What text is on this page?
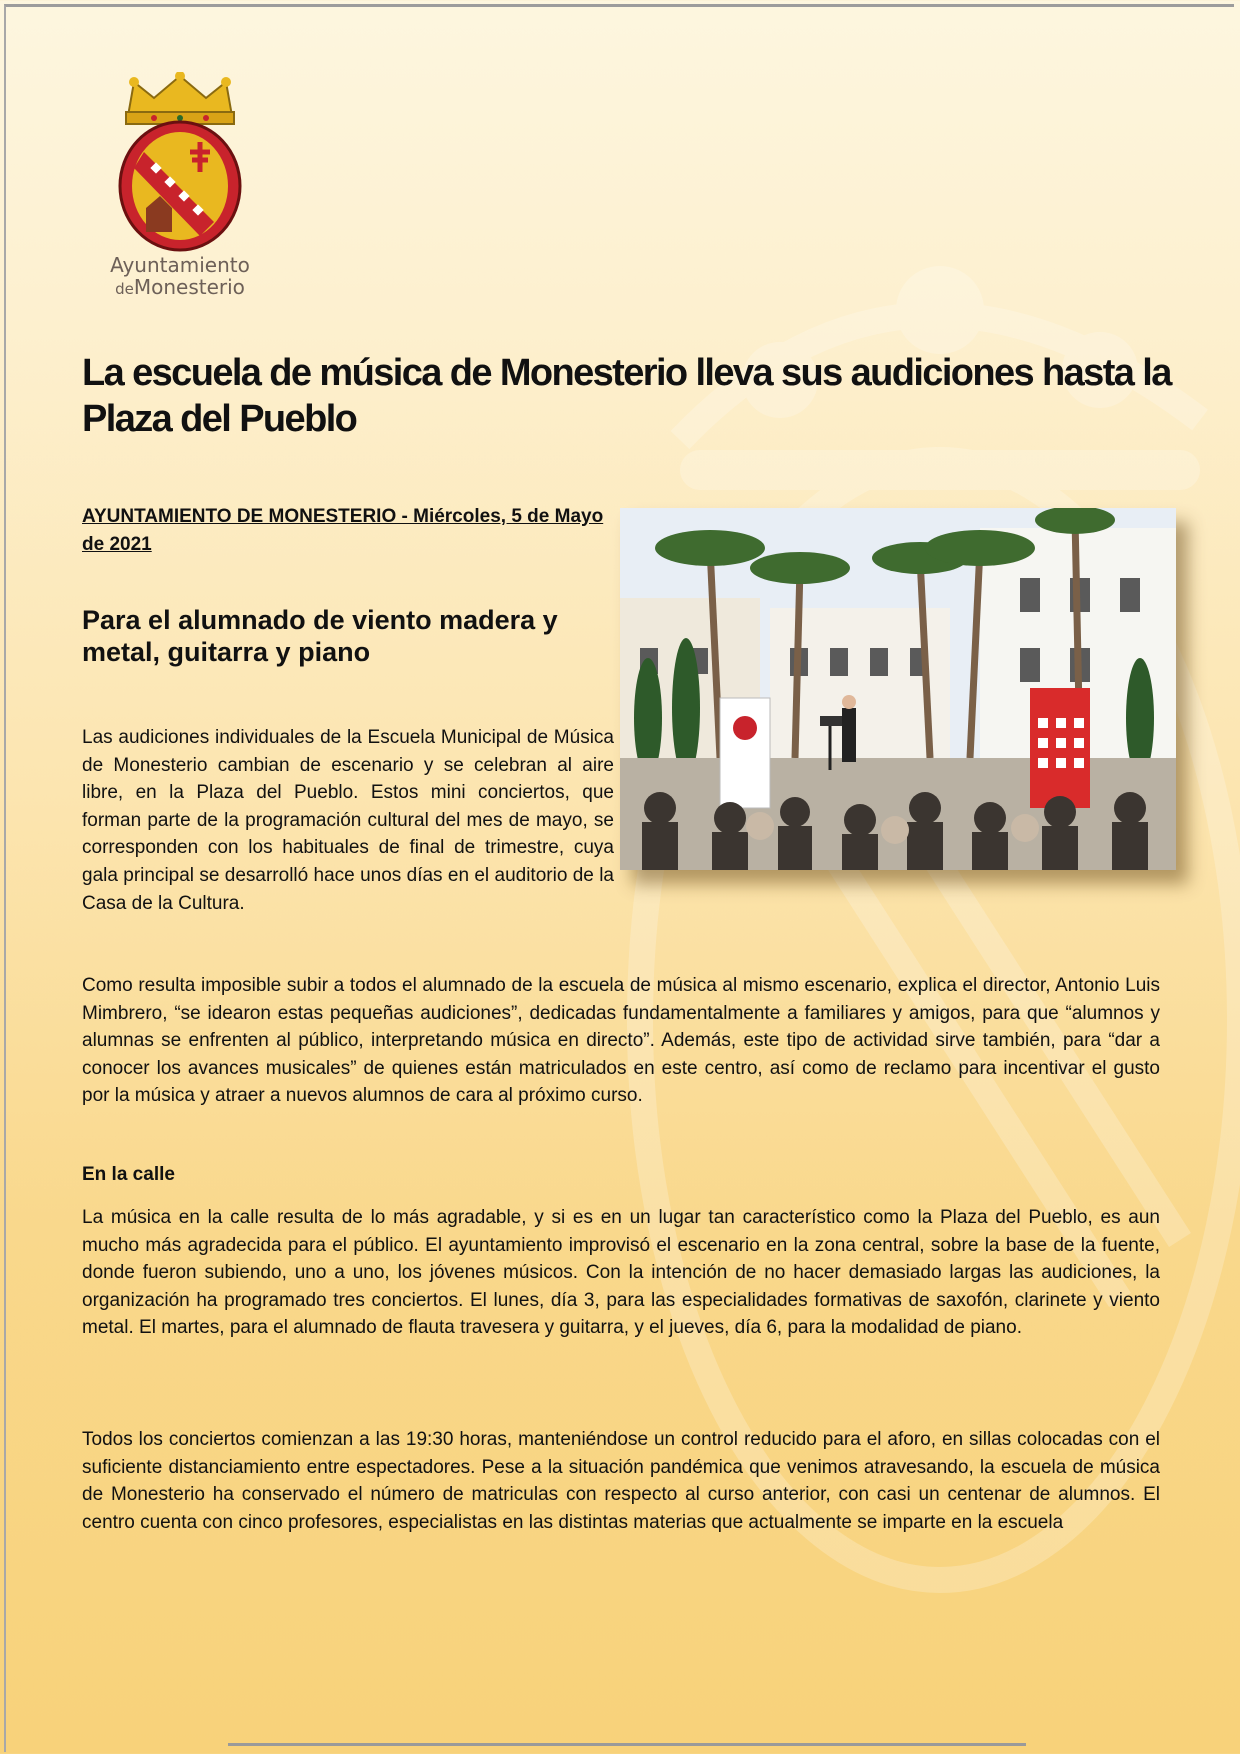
Ayuntamiento
deMonesterio
La escuela de música de Monesterio lleva sus audiciones hasta la Plaza del Pueblo

AYUNTAMIENTO DE MONESTERIO - Miércoles, 5 de Mayo de 2021

Para el alumnado de viento madera y metal, guitarra y piano

Las audiciones individuales de la Escuela Municipal de Música de Monesterio cambian de escenario y se celebran al aire libre, en la Plaza del Pueblo. Estos mini conciertos, que forman parte de la programación cultural del mes de mayo, se corresponden con los habituales de final de trimestre, cuya gala principal se desarrolló hace unos días en el auditorio de la Casa de la Cultura.

Como resulta imposible subir a todos el alumnado de la escuela de música al mismo escenario, explica el director, Antonio Luis Mimbrero, “se idearon estas pequeñas audiciones”, dedicadas fundamentalmente a familiares y amigos, para que “alumnos y alumnas se enfrenten al público, interpretando música en directo”. Además, este tipo de actividad sirve también, para “dar a conocer los avances musicales” de quienes están matriculados en este centro, así como de reclamo para incentivar el gusto por la música y atraer a nuevos alumnos de cara al próximo curso.

En la calle

La música en la calle resulta de lo más agradable, y si es en un lugar tan característico como la Plaza del Pueblo, es aun mucho más agradecida para el público. El ayuntamiento improvisó el escenario en la zona central, sobre la base de la fuente, donde fueron subiendo, uno a uno, los jóvenes músicos. Con la intención de no hacer demasiado largas las audiciones, la organización ha programado tres conciertos. El lunes, día 3, para las especialidades formativas de saxofón, clarinete y viento metal. El martes, para el alumnado de flauta travesera y guitarra, y el jueves, día 6, para la modalidad de piano.

Todos los conciertos comienzan a las 19:30 horas, manteniéndose un control reducido para el aforo, en sillas colocadas con el suficiente distanciamiento entre espectadores. Pese a la situación pandémica que venimos atravesando, la escuela de música de Monesterio ha conservado el número de matriculas con respecto al curso anterior, con casi un centenar de alumnos. El centro cuenta con cinco profesores, especialistas en las distintas materias que actualmente se imparte en la escuela
